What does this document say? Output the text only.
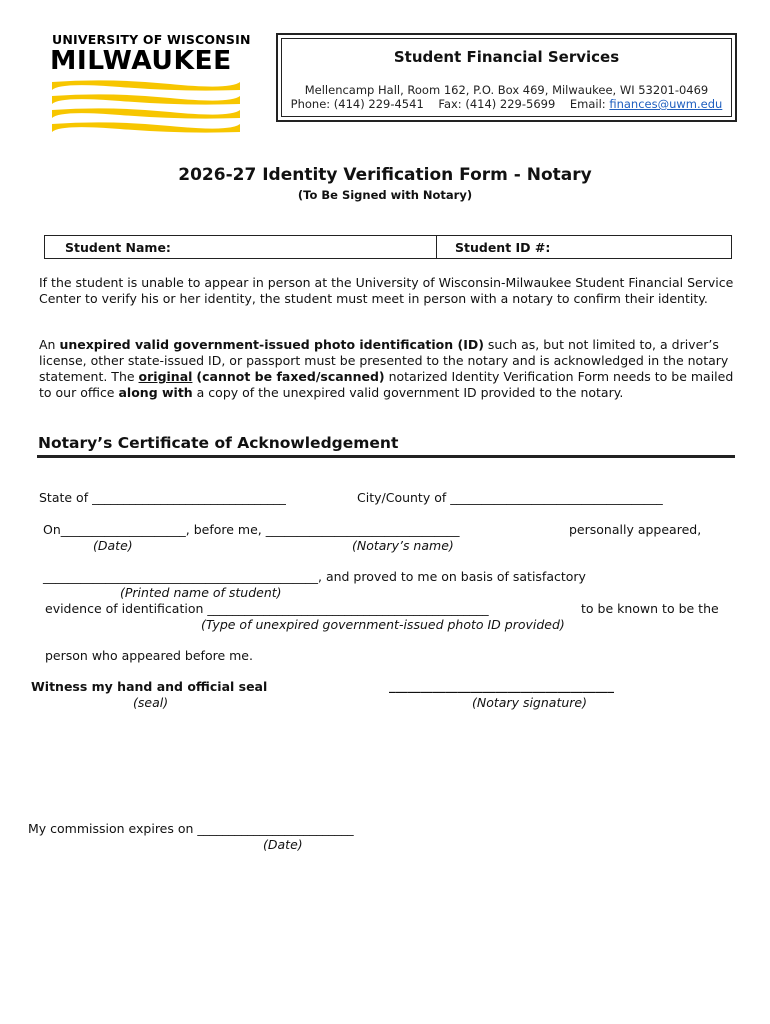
UNIVERSITY OF WISCONSIN
MILWAUKEE	Student Financial Services
Mellencamp Hall, Room 162, P.O. Box 469, Milwaukee, WI 53201-0469
Phone: (414) 229-4541 Fax: (414) 229-5699 Email: finances@uwm.edu
2026-27 Identity Verification Form - Notary
(To Be Signed with Notary)
Student Name:	Student ID #:
If the student is unable to appear in person at the University of Wisconsin-Milwaukee Student Financial Service Center to verify his or her identity, the student must meet in person with a notary to confirm their identity.
An unexpired valid government-issued photo identification (ID) such as, but not limited to, a driver’s license, other state-issued ID, or passport must be presented to the notary and is acknowledged in the notary statement. The original (cannot be faxed/scanned) notarized Identity Verification Form needs to be mailed to our office along with a copy of the unexpired valid government ID provided to the notary.
Notary’s Certificate of Acknowledgement
State of _______________________________	City/County of __________________________________
On____________________, before me, _______________________________	personally appeared,
(Date)	(Notary’s name)
____________________________________________, and proved to me on basis of satisfactory
(Printed name of student)
evidence of identification _____________________________________________	to be known to be the
(Type of unexpired government-issued photo ID provided)
person who appeared before me.
Witness my hand and official seal
(seal)
____________________________________
(Notary signature)
My commission expires on _________________________
(Date)
